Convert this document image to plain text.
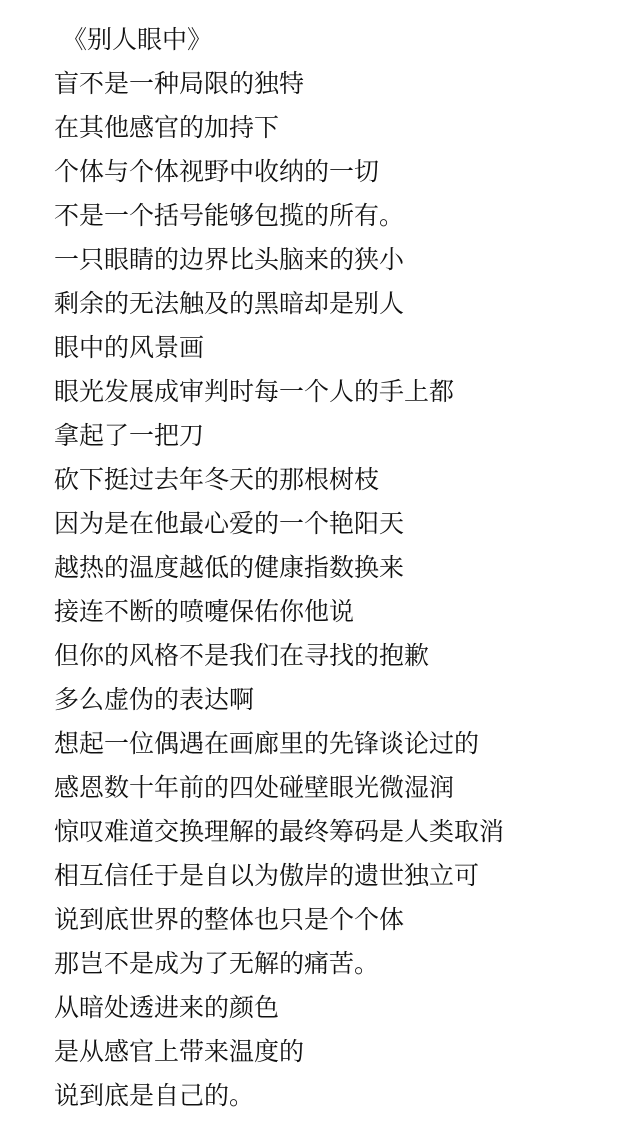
《别人眼中》
盲不是一种局限的独特
在其他感官的加持下
个体与个体视野中收纳的一切
不是一个括号能够包揽的所有。
一只眼睛的边界比头脑来的狭小
剩余的无法触及的黑暗却是别人
眼中的风景画
眼光发展成审判时每一个人的手上都
拿起了一把刀
砍下挺过去年冬天的那根树枝
因为是在他最心爱的一个艳阳天
越热的温度越低的健康指数换来
接连不断的喷嚏保佑你他说
但你的风格不是我们在寻找的抱歉
多么虚伪的表达啊
想起一位偶遇在画廊里的先锋谈论过的
感恩数十年前的四处碰壁眼光微湿润
惊叹难道交换理解的最终筹码是人类取消
相互信任于是自以为傲岸的遗世独立可
说到底世界的整体也只是个个体
那岂不是成为了无解的痛苦。
从暗处透进来的颜色
是从感官上带来温度的
说到底是自己的。
